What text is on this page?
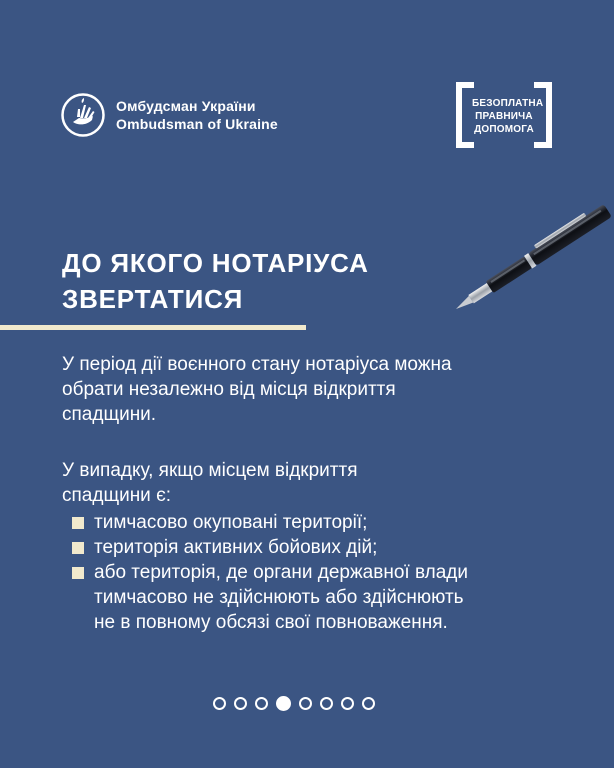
Омбудсман України
Ombudsman of Ukraine
БЕЗОПЛАТНА
ПРАВНИЧА
ДОПОМОГА
ДО ЯКОГО НОТАРІУСА
ЗВЕРТАТИСЯ

У період дії воєнного стану нотаріуса можна
обрати незалежно від місця відкриття
спадщини.

У випадку, якщо місцем відкриття
спадщини є:

тимчасово окуповані території;
територія активних бойових дій;
або територія, де органи державної влади
тимчасово не здійснюють або здійснюють
не в повному обсязі свої повноваження.
